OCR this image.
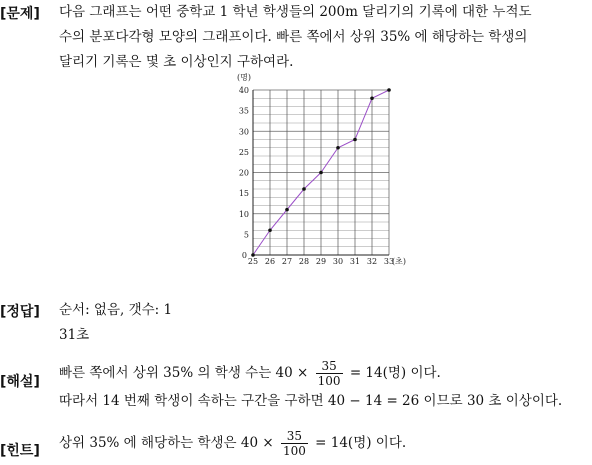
[문제] 다음 그래프는 어떤 중학교 1 학년 학생들의 200m 달리기의 기록에 대한 누적도
수의 분포다각형 모양의 그래프이다. 빠른 쪽에서 상위 35% 에 해당하는 학생의
달리기 기록은 몇 초 이상인지 구하여라.
5
10
15
20
25
30
35
40
0
25 26 27 28 29 30 31 32 33
(명)
(초)
[정답] 순서: 없음, 갯수: 1
31초
[해설]
빠른 쪽에서 상위 35% 의 학생 수는 $40 \times \frac{35}{100} = 14$(명) 이다.
따라서 14 번째 학생이 속하는 구간을 구하면 40 − 14 = 26 이므로 30 초 이상이다.
[힌트] 상위 35% 에 해당하는 학생은 $40 \times \frac{35}{100} = 14$(명) 이다.
